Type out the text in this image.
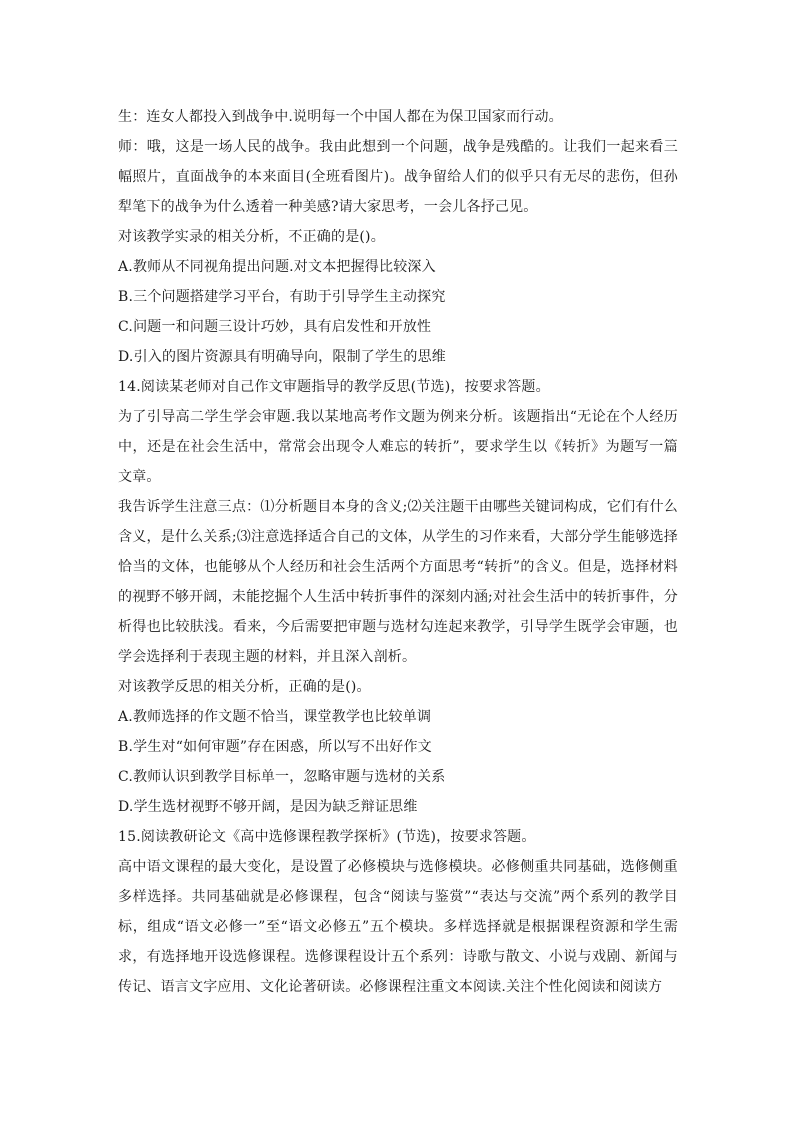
生：连女人都投入到战争中.说明每一个中国人都在为保卫国家而行动。

师：哦，这是一场人民的战争。我由此想到一个问题，战争是残酷的。让我们一起来看三幅照片，直面战争的本来面目(全班看图片)。战争留给人们的似乎只有无尽的悲伤，但孙犁笔下的战争为什么透着一种美感?请大家思考，一会儿各抒己见。

对该教学实录的相关分析，不正确的是()。

A.教师从不同视角提出问题.对文本把握得比较深入

B.三个问题搭建学习平台，有助于引导学生主动探究

C.问题一和问题三设计巧妙，具有启发性和开放性

D.引入的图片资源具有明确导向，限制了学生的思维

14.阅读某老师对自己作文审题指导的教学反思(节选)，按要求答题。

为了引导高二学生学会审题.我以某地高考作文题为例来分析。该题指出“无论在个人经历中，还是在社会生活中，常常会出现令人难忘的转折”，要求学生以《转折》为题写一篇文章。

我告诉学生注意三点：⑴分析题目本身的含义;⑵关注题干由哪些关键词构成，它们有什么含义，是什么关系;⑶注意选择适合自己的文体，从学生的习作来看，大部分学生能够选择恰当的文体，也能够从个人经历和社会生活两个方面思考“转折”的含义。但是，选择材料的视野不够开阔，未能挖掘个人生活中转折事件的深刻内涵;对社会生活中的转折事件，分析得也比较肤浅。看来，今后需要把审题与选材勾连起来教学，引导学生既学会审题，也学会选择利于表现主题的材料，并且深入剖析。

对该教学反思的相关分析，正确的是()。

A.教师选择的作文题不恰当，课堂教学也比较单调

B.学生对“如何审题”存在困惑，所以写不出好作文

C.教师认识到教学目标单一，忽略审题与选材的关系

D.学生选材视野不够开阔，是因为缺乏辩证思维

15.阅读教研论文《高中选修课程教学探析》(节选)，按要求答题。

高中语文课程的最大变化，是设置了必修模块与选修模块。必修侧重共同基础，选修侧重多样选择。共同基础就是必修课程，包含“阅读与鉴赏”“表达与交流”两个系列的教学目标，组成“语文必修一”至“语文必修五”五个模块。多样选择就是根据课程资源和学生需求，有选择地开设选修课程。选修课程设计五个系列：诗歌与散文、小说与戏剧、新闻与传记、语言文字应用、文化论著研读。必修课程注重文本阅读.关注个性化阅读和阅读方
